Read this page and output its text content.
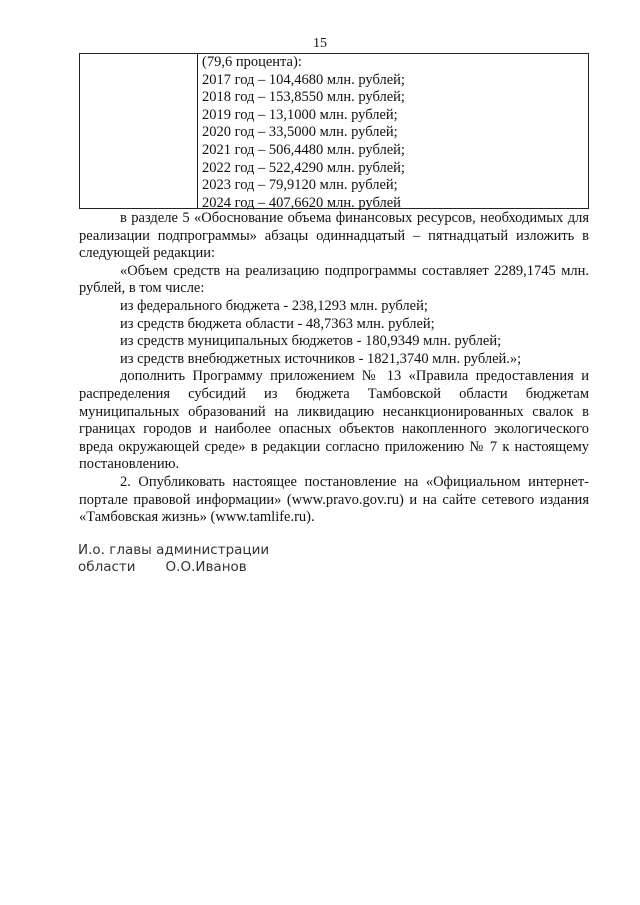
15
(79,6 процента):
2017 год – 104,4680 млн. рублей;
2018 год – 153,8550 млн. рублей;
2019 год – 13,1000 млн. рублей;
2020 год – 33,5000 млн. рублей;
2021 год – 506,4480 млн. рублей;
2022 год – 522,4290 млн. рублей;
2023 год – 79,9120 млн. рублей;
2024 год – 407,6620 млн. рублей

в разделе 5 «Обоснование объема финансовых ресурсов, необходимых для реализации подпрограммы» абзацы одиннадцатый – пятнадцатый изложить в следующей редакции:

«Объем средств на реализацию подпрограммы составляет 2289,1745 млн. рублей, в том числе:

из федерального бюджета - 238,1293 млн. рублей;

из средств бюджета области - 48,7363 млн. рублей;

из средств муниципальных бюджетов - 180,9349 млн. рублей;

из средств внебюджетных источников - 1821,3740 млн. рублей.»;

дополнить Программу приложением № 13 «Правила предоставления и распределения субсидий из бюджета Тамбовской области бюджетам муниципальных образований на ликвидацию несанкционированных свалок в границах городов и наиболее опасных объектов накопленного экологического вреда окружающей среде» в редакции согласно приложению № 7 к настоящему постановлению.

2. Опубликовать настоящее постановление на «Официальном интернет-портале правовой информации» (www.pravo.gov.ru) и на сайте сетевого издания «Тамбовская жизнь» (www.tamlife.ru).

И.о. главы администрации
области О.О.Иванов
